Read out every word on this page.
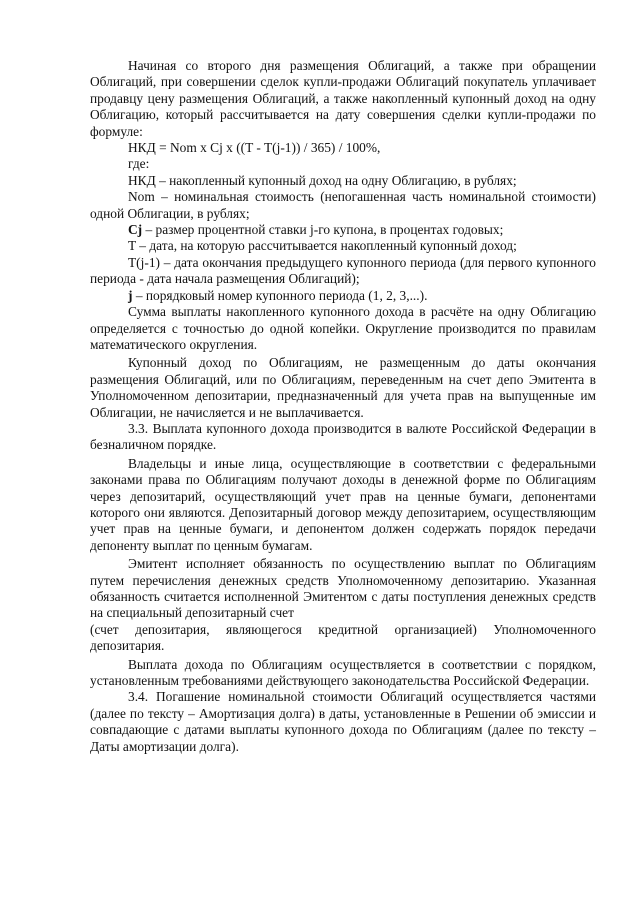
Начиная со второго дня размещения Облигаций, а также при обращении Облигаций, при совершении сделок купли-продажи Облигаций покупатель уплачивает продавцу цену размещения Облигаций, а также накопленный купонный доход на одну Облигацию, который рассчитывается на дату совершения сделки купли-продажи по формуле:

НКД = Nom x Cj x ((T - T(j-1)) / 365) / 100%,

где:

НКД – накопленный купонный доход на одну Облигацию, в рублях;

Nom – номинальная стоимость (непогашенная часть номинальной стоимости) одной Облигации, в рублях;

Cj – размер процентной ставки j-го купона, в процентах годовых;

T – дата, на которую рассчитывается накопленный купонный доход;

T(j-1) – дата окончания предыдущего купонного периода (для первого купонного периода - дата начала размещения Облигаций);

j – порядковый номер купонного периода (1, 2, 3,...).

Сумма выплаты накопленного купонного дохода в расчёте на одну Облигацию определяется с точностью до одной копейки. Округление производится по правилам математического округления.

Купонный доход по Облигациям, не размещенным до даты окончания размещения Облигаций, или по Облигациям, переведенным на счет депо Эмитента в Уполномоченном депозитарии, предназначенный для учета прав на выпущенные им Облигации, не начисляется и не выплачивается.

3.3. Выплата купонного дохода производится в валюте Российской Федерации в безналичном порядке.

Владельцы и иные лица, осуществляющие в соответствии с федеральными законами права по Облигациям получают доходы в денежной форме по Облигациям через депозитарий, осуществляющий учет прав на ценные бумаги, депонентами которого они являются. Депозитарный договор между депозитарием, осуществляющим учет прав на ценные бумаги, и депонентом должен содержать порядок передачи депоненту выплат по ценным бумагам.

Эмитент исполняет обязанность по осуществлению выплат по Облигациям путем перечисления денежных средств Уполномоченному депозитарию. Указанная обязанность считается исполненной Эмитентом с даты поступления денежных средств на специальный депозитарный счет

(счет депозитария, являющегося кредитной организацией) Уполномоченного депозитария.

Выплата дохода по Облигациям осуществляется в соответствии с порядком, установленным требованиями действующего законодательства Российской Федерации.

3.4. Погашение номинальной стоимости Облигаций осуществляется частями (далее по тексту – Амортизация долга) в даты, установленные в Решении об эмиссии и совпадающие с датами выплаты купонного дохода по Облигациям (далее по тексту – Даты амортизации долга).
